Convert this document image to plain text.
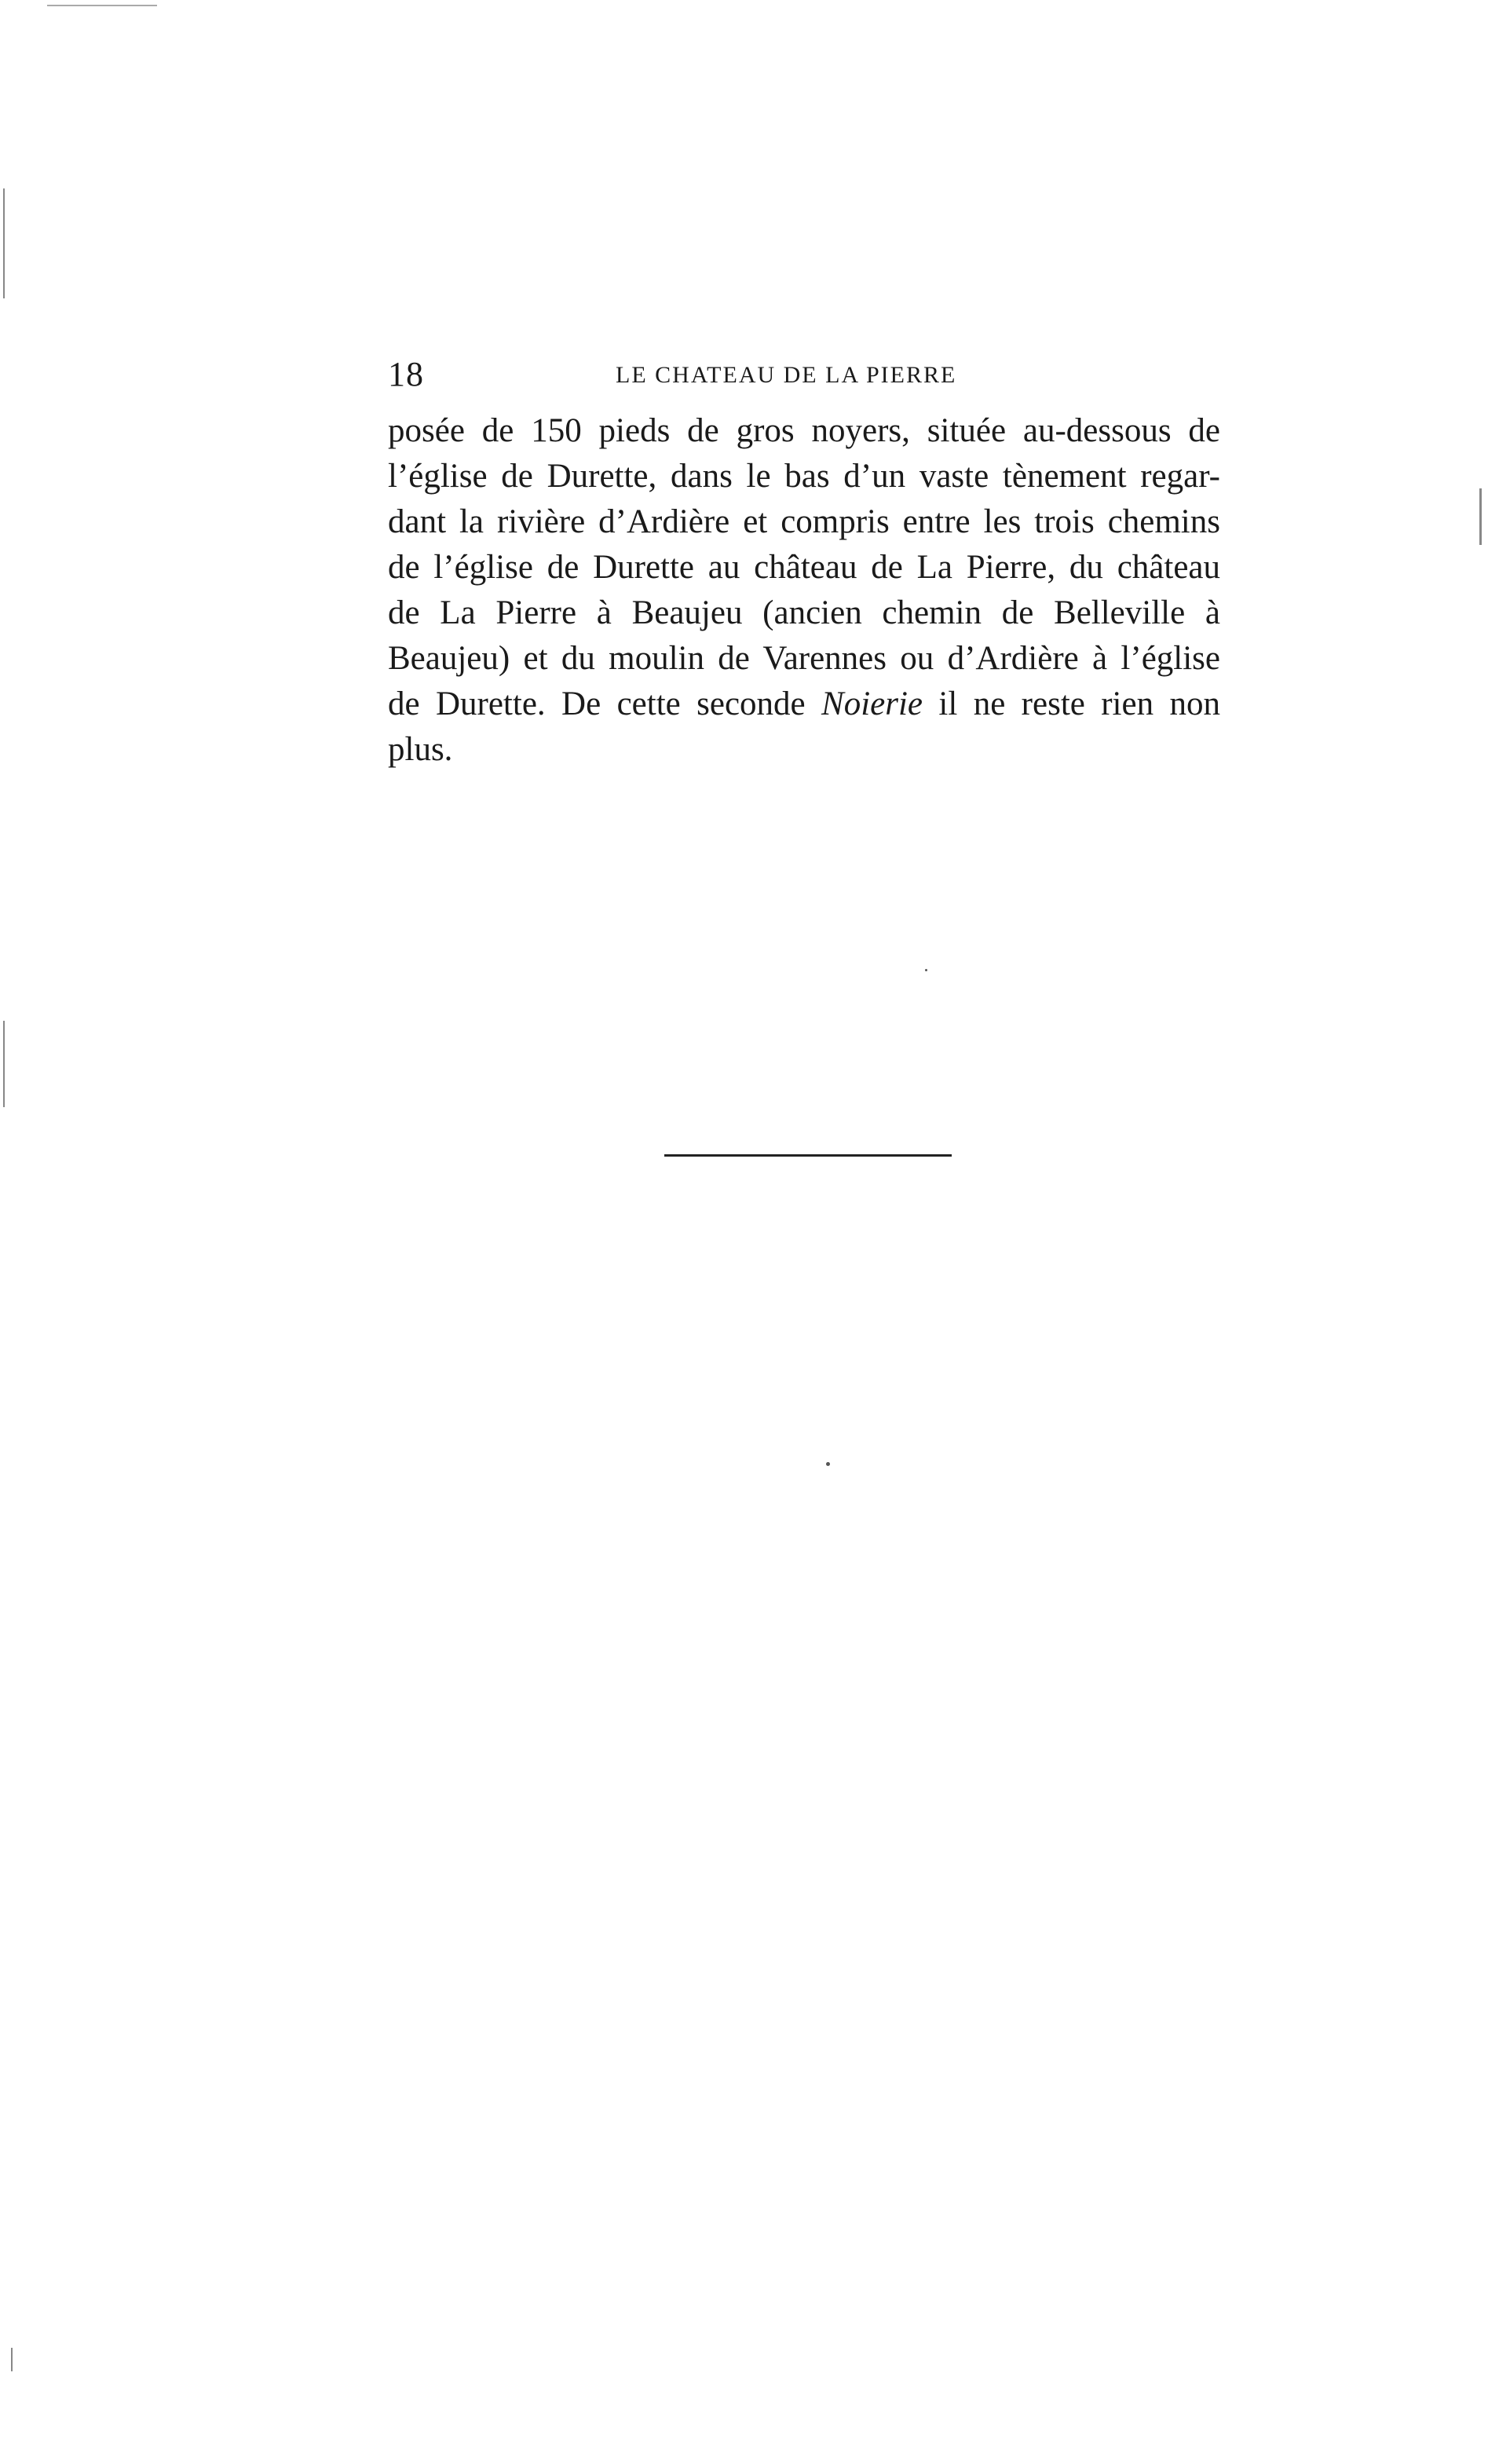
18	LE CHATEAU DE LA PIERRE
posée de 150 pieds de gros noyers, située au-dessous de
l’église de Durette, dans le bas d’un vaste tènement regar-
dant la rivière d’Ardière et compris entre les trois chemins
de l’église de Durette au château de La Pierre, du château
de La Pierre à Beaujeu (ancien chemin de Belleville à
Beaujeu) et du moulin de Varennes ou d’Ardière à l’église
de Durette. De cette seconde Noierie il ne reste rien non
plus.
